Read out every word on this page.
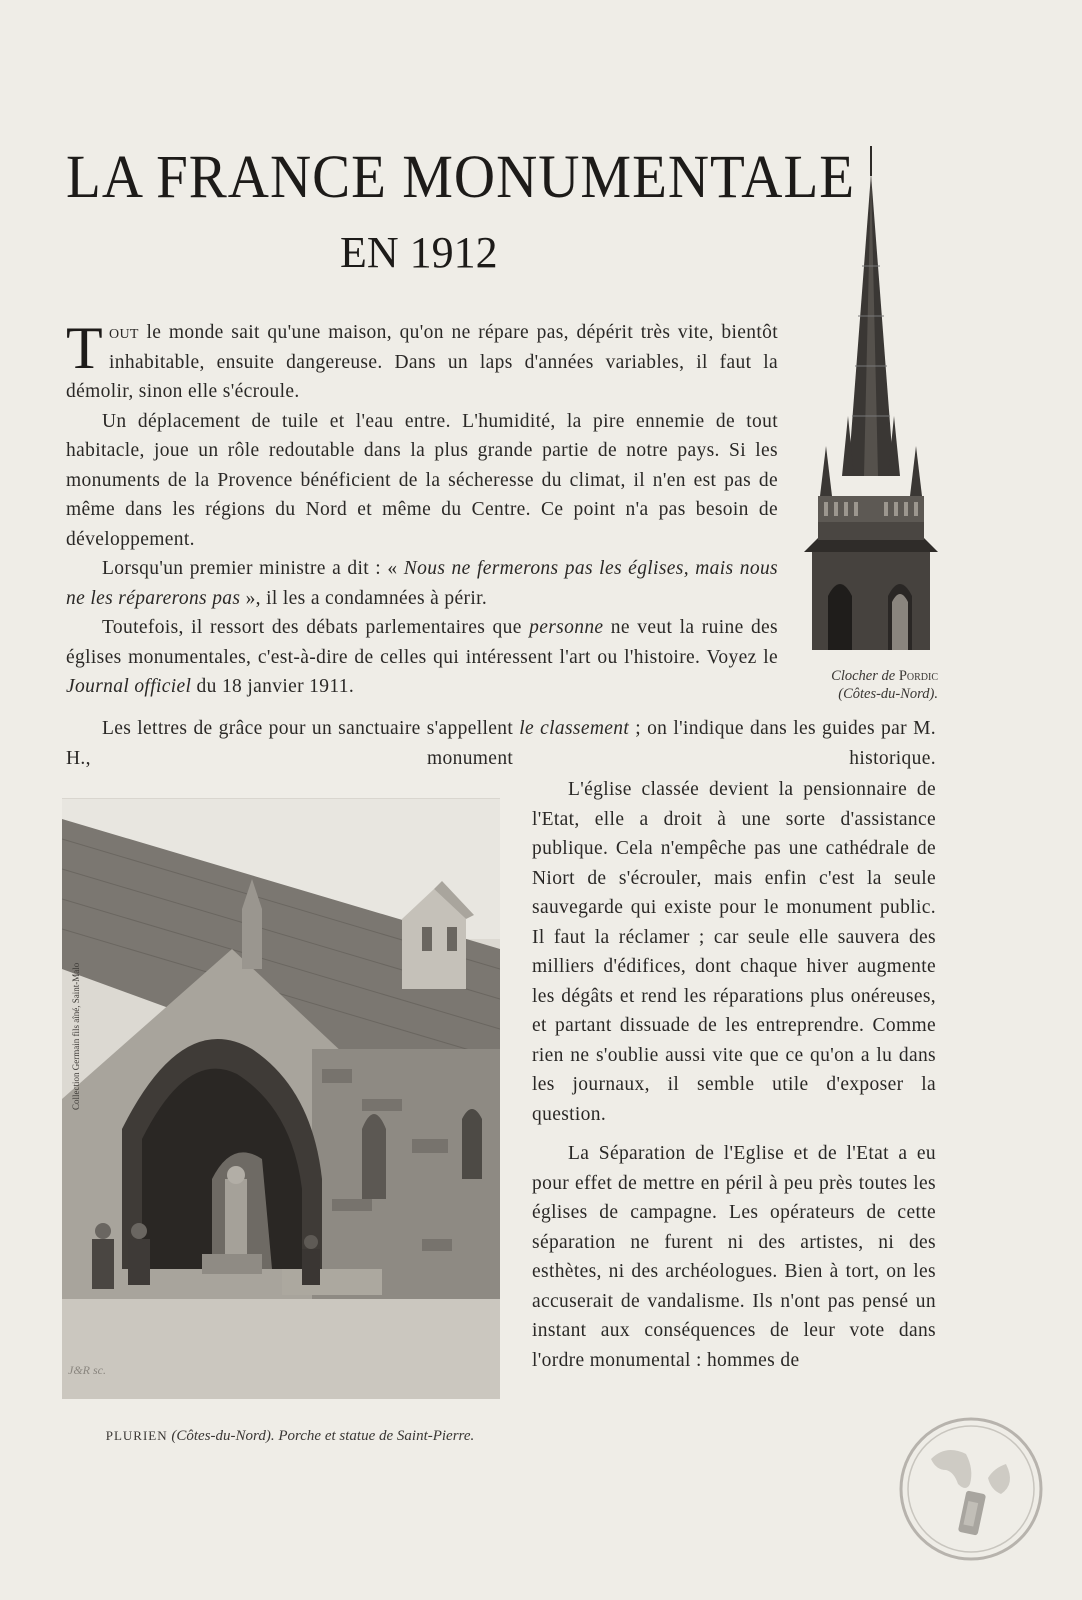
LA FRANCE MONUMENTALE
EN 1912

Tout le monde sait qu'une maison, qu'on ne répare pas, dépérit très vite, bientôt inhabitable, ensuite dangereuse. Dans un laps d'années variables, il faut la démolir, sinon elle s'écroule.

Un déplacement de tuile et l'eau entre. L'humidité, la pire ennemie de tout habitacle, joue un rôle redoutable dans la plus grande partie de notre pays. Si les monuments de la Provence bénéficient de la sécheresse du climat, il n'en est pas de même dans les régions du Nord et même du Centre. Ce point n'a pas besoin de développement.

Lorsqu'un premier ministre a dit : « Nous ne fermerons pas les églises, mais nous ne les réparerons pas », il les a condamnées à périr.

Toutefois, il ressort des débats parlementaires que personne ne veut la ruine des églises monumentales, c'est-à-dire de celles qui intéressent l'art ou l'histoire. Voyez le Journal officiel du 18 janvier 1911.

Les lettres de grâce pour un sanctuaire s'appellent le classement ; on l'indique dans les guides par M. H., monument historique.

L'église classée devient la pensionnaire de l'Etat, elle a droit à une sorte d'assistance publique. Cela n'empêche pas une cathédrale de Niort de s'écrouler, mais enfin c'est la seule sauvegarde qui existe pour le monument public. Il faut la réclamer ; car seule elle sauvera des milliers d'édifices, dont chaque hiver augmente les dégâts et rend les réparations plus onéreuses, et partant dissuade de les entreprendre. Comme rien ne s'oublie aussi vite que ce qu'on a lu dans les journaux, il semble utile d'exposer la question.

La Séparation de l'Eglise et de l'Etat a eu pour effet de mettre en péril à peu près toutes les églises de campagne. Les opérateurs de cette séparation ne furent ni des artistes, ni des esthètes, ni des archéologues. Bien à tort, on les accuserait de vandalisme. Ils n'ont pas pensé un instant aux conséquences de leur vote dans l'ordre monumental : hommes de

Clocher de Pordic (Côtes-du-Nord).
J&R sc.
Collection Germain fils aîné, Saint-Malo
PLURIEN (Côtes-du-Nord). Porche et statue de Saint-Pierre.
